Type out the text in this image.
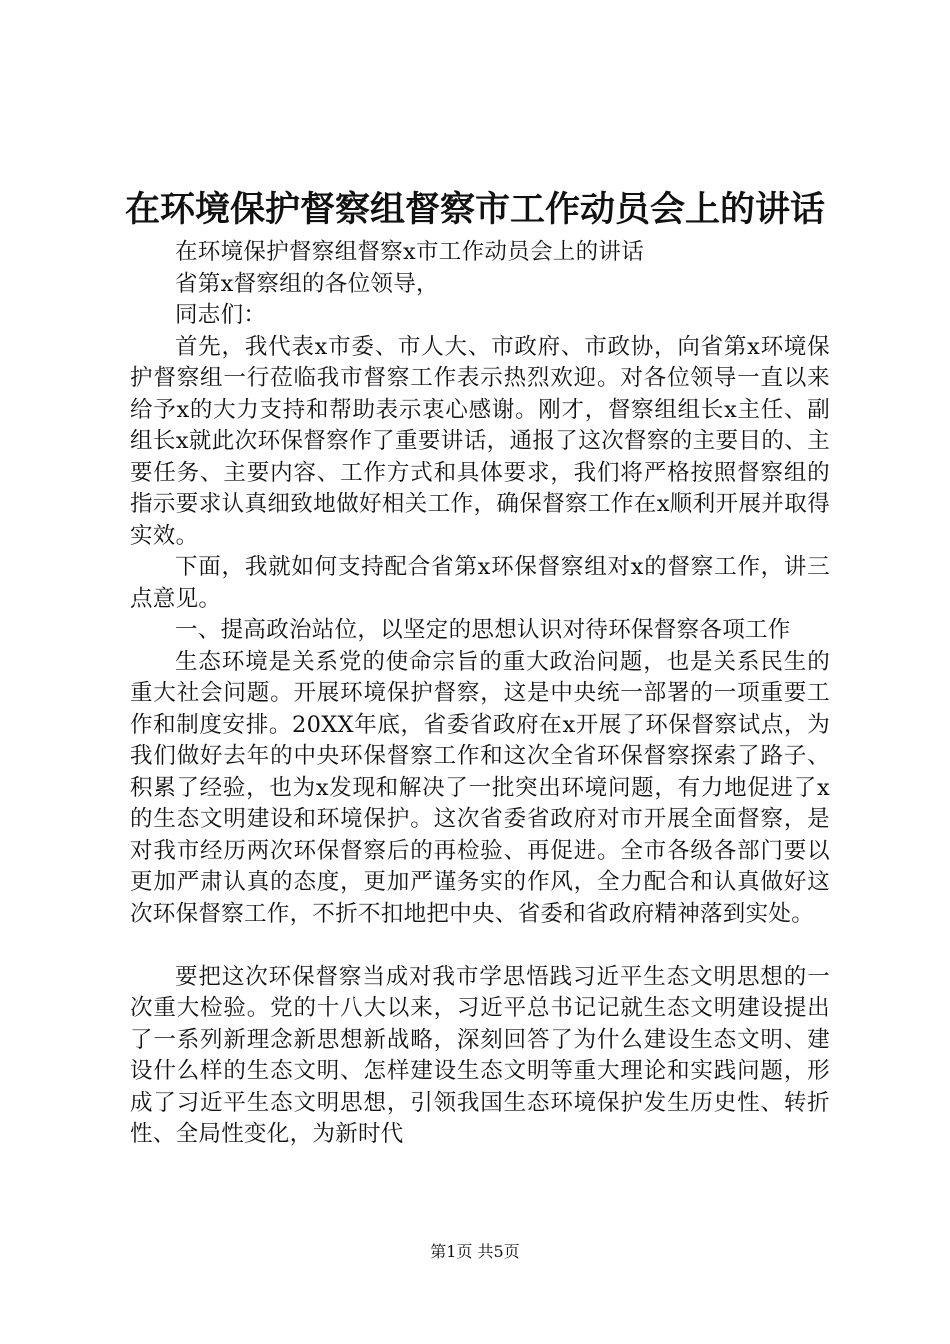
在环境保护督察组督察市工作动员会上的讲话

在环境保护督察组督察x市工作动员会上的讲话

省第x督察组的各位领导，

同志们：

首先，我代表x市委、市人大、市政府、市政协，向省第x环境保护督察组一行莅临我市督察工作表示热烈欢迎。对各位领导一直以来给予x的大力支持和帮助表示衷心感谢。刚才，督察组组长x主任、副组长x就此次环保督察作了重要讲话，通报了这次督察的主要目的、主要任务、主要内容、工作方式和具体要求，我们将严格按照督察组的指示要求认真细致地做好相关工作，确保督察工作在x顺利开展并取得实效。

下面，我就如何支持配合省第x环保督察组对x的督察工作，讲三点意见。

一、提高政治站位，以坚定的思想认识对待环保督察各项工作

生态环境是关系党的使命宗旨的重大政治问题，也是关系民生的重大社会问题。开展环境保护督察，这是中央统一部署的一项重要工作和制度安排。20XX年底，省委省政府在x开展了环保督察试点，为我们做好去年的中央环保督察工作和这次全省环保督察探索了路子、积累了经验，也为x发现和解决了一批突出环境问题，有力地促进了x的生态文明建设和环境保护。这次省委省政府对市开展全面督察，是对我市经历两次环保督察后的再检验、再促进。全市各级各部门要以更加严肃认真的态度，更加严谨务实的作风，全力配合和认真做好这次环保督察工作，不折不扣地把中央、省委和省政府精神落到实处。

要把这次环保督察当成对我市学思悟践习近平生态文明思想的一次重大检验。党的十八大以来，习近平总书记记就生态文明建设提出了一系列新理念新思想新战略，深刻回答了为什么建设生态文明、建设什么样的生态文明、怎样建设生态文明等重大理论和实践问题，形成了习近平生态文明思想，引领我国生态环境保护发生历史性、转折性、全局性变化，为新时代

第1页 共5页
